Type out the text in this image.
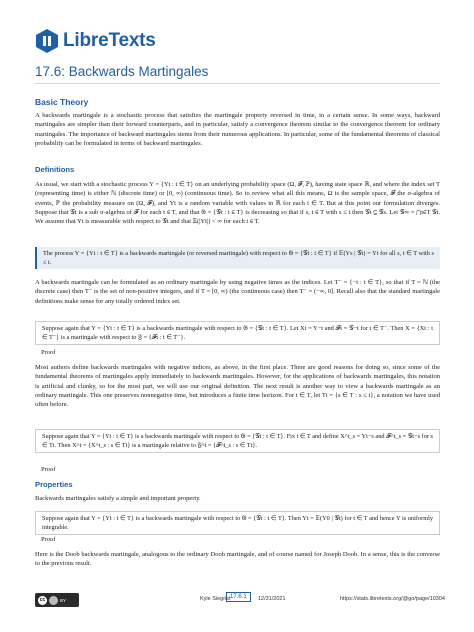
LibreTexts
17.6: Backwards Martingales
Basic Theory

A backwards martingale is a stochastic process that satisfies the martingale property reversed in time, in a certain sense. In some ways, backward martingales are simpler than their forward counterparts, and in particular, satisfy a convergence theorem similar to the convergence theorem for ordinary martingales. The importance of backward martingales stems from their numerous applications. In particular, some of the fundamental theorems of classical probability can be formulated in terms of backward martingales.

Definitions

As usual, we start with a stochastic process Y = {Yt : t ∈ T} on an underlying probability space (Ω, 𝓕, ℙ), having state space ℝ, and where the index set T (representing time) is either ℕ (discrete time) or [0, ∞) (continuous time). So to review what all this means, Ω is the sample space, 𝓕 the σ-algebra of events, ℙ the probability measure on (Ω, 𝓕), and Yt is a random variable with values in ℝ for each t ∈ T. But at this point our formulation diverges. Suppose that 𝒢t is a sub σ-algebra of 𝓕 for each t ∈ T, and that 𝔊 = {𝒢t : t ∈ T} is decreasing so that if s, t ∈ T with s ≤ t then 𝒢t ⊆ 𝒢s. Let 𝒢∞ = ⋂t∈T 𝒢t. We assume that Yt is measurable with respect to 𝒢t and that 𝔼(|Yt|) < ∞ for each t ∈ T.

The process Y = {Yt : t ∈ T} is a backwards martingale (or reversed martingale) with respect to 𝔊 = {𝒢t : t ∈ T} if 𝔼(Ys | 𝒢t) = Yt for all s, t ∈ T with s ≤ t.

A backwards martingale can be formulated as an ordinary martingale by using negative times as the indices. Let T⁻ = {−t : t ∈ T}, so that if T = ℕ (the discrete case) then T⁻ is the set of non-positive integers, and if T = [0, ∞) (the continuous case) then T⁻ = (−∞, 0]. Recall also that the standard martingale definitions make sense for any totally ordered index set.

Suppose again that Y = {Yt : t ∈ T} is a backwards martingale with respect to 𝔊 = {𝒢t : t ∈ T}. Let Xt = Y−t and 𝓕t = 𝒢−t for t ∈ T⁻. Then X = {Xt : t ∈ T⁻} is a martingale with respect to 𝔉 = {𝓕t : t ∈ T⁻}.

Proof

Most authors define backwards martingales with negative indices, as above, in the first place. There are good reasons for doing so, since some of the fundamental theorems of martingales apply immediately to backwards martingales. However, for the applications of backwards martingales, this notation is artificial and clunky, so for the most part, we will use our original definition. The next result is another way to view a backwards martingale as an ordinary martingale. This one preserves nonnegative time, but introduces a finite time horizon. For t ∈ T, let Tt = {s ∈ T : s ≤ t}, a notation we have used often before.

Suppose again that Y = {Yt : t ∈ T} is a backwards martingale with respect to 𝔊 = {𝒢t : t ∈ T}. Fix t ∈ T and define X^t_s = Yt−s and 𝓕^t_s = 𝒢t−s for s ∈ Tt. Then X^t = {X^t_s : s ∈ Tt} is a martingale relative to 𝔉^t = {𝓕^t_s : s ∈ Tt}.

Proof
Properties

Backwards martingales satisfy a simple and important property.

Suppose again that Y = {Yt : t ∈ T} is a backwards martingale with respect to 𝔊 = {𝒢t : t ∈ T}. Then Yt = 𝔼(Y0 | 𝒢t) for t ∈ T and hence Y is uniformly integrable.

Proof

Here is the Doob backwards martingale, analogous to the ordinary Doob martingale, and of course named for Joseph Doob. In a sense, this is the converse to the previous result.

cc	BY	Kyle Siegrist 17.6.1	12/31/2021	https://stats.libretexts.org/@go/page/10304
